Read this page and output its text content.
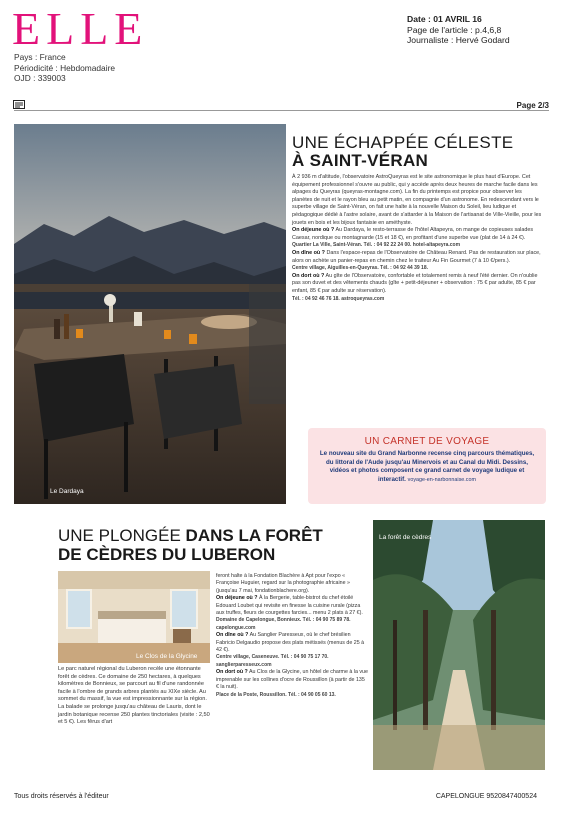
ELLE
Pays : France
Périodicité : Hebdomadaire
OJD : 339003
Date : 01 AVRIL 16
Page de l'article : p.4,6,8
Journaliste : Hervé Godard
Page 2/3
Le Dardaya
UNE ÉCHAPPÉE CÉLESTE
À SAINT-VÉRAN
À 2 936 m d'altitude, l'observatoire AstroQueyras est le site astronomique le plus haut d'Europe. Cet équipement professionnel s'ouvre au public, qui y accède après deux heures de marche facile dans les alpages du Queyras (queyras-montagne.com). La fin du printemps est propice pour observer les planètes de nuit et le rayon bleu au petit matin, en compagnie d'un astronome. En redescendant vers le superbe village de Saint-Véran, on fait une halte à la nouvelle Maison du Soleil, lieu ludique et pédagogique dédié à l'astre solaire, avant de s'attarder à la Maison de l'artisanat de Ville-Vieille, pour les jouets en bois et les bijoux fantaisie en améthyste.
On déjeune où ? Au Dardaya, le resto-terrasse de l'hôtel Altapeyra, on mange de copieuses salades Caesar, nordique ou montagnarde (15 et 18 €), en profitant d'une superbe vue (plat de 14 à 24 €).
Quartier La Ville, Saint-Véran. Tél. : 04 92 22 24 00. hotel-altapeyra.com
On dîne où ? Dans l'espace-repas de l'Observatoire de Château Renard. Pas de restauration sur place, alors on achète un panier-repas en chemin chez le traiteur Au Fin Gourmet (7 à 10 €/pers.).
Centre village, Aiguilles-en-Queyras. Tél. : 04 92 44 39 18.
On dort où ? Au gîte de l'Observatoire, confortable et totalement remis à neuf l'été dernier. On n'oublie pas son duvet et des vêtements chauds (gîte + petit-déjeuner + observation : 75 € par adulte, 85 € par enfant, 85 € par adulte sur réservation).
Tél. : 04 92 46 76 18. astroqueyras.com
UN CARNET DE VOYAGE
Le nouveau site du Grand Narbonne recense cinq parcours thématiques, du littoral de l'Aude jusqu'au Minervois et au Canal du Midi. Dessins, vidéos et photos composent ce grand carnet de voyage ludique et interactif. voyage-en-narbonnaise.com
UNE PLONGÉE DANS LA FORÊT
DE CÈDRES DU LUBERON
Le Clos de la Glycine
Le parc naturel régional du Luberon recèle une étonnante forêt de cèdres. Ce domaine de 250 hectares, à quelques kilomètres de Bonnieux, se parcourt au fil d'une randonnée facile à l'ombre de grands arbres plantés au XIXe siècle. Au sommet du massif, la vue est impressionnante sur la région. La balade se prolonge jusqu'au château de Lauris, dont le jardin botanique recense 250 plantes tinctoriales (visite : 2,50 et 5 €). Les fêrus d'art
feront halte à la Fondation Blachère à Apt pour l'expo « Françoise Huguier, regard sur la photographie africaine » (jusqu'au 7 mai, fondationblachere.org).
On déjeune où ? À la Bergerie, table-bistrot du chef étoilé Edouard Loubet qui revisite en finesse la cuisine rurale (pizza aux truffes, fleurs de courgettes farcies... menu 2 plats à 27 €).
Domaine de Capelongue, Bonnieux. Tél. : 04 90 75 89 78. capelongue.com
On dîne où ? Au Sanglier Paresseux, où le chef brésilien Fabricio Delgaudio propose des plats métissés (menus de 25 à 42 €).
Centre village, Caseneuve. Tél. : 04 90 75 17 70. sanglierparesseux.com
On dort où ? Au Clos de la Glycine, un hôtel de charme à la vue imprenable sur les collines d'ocre de Roussillon (à partir de 135 € la nuit).
Place de la Poste, Roussillon. Tél. : 04 90 05 60 13.
La forêt de cèdres
Tous droits réservés à l'éditeur	CAPELONGUE 9520847400524
